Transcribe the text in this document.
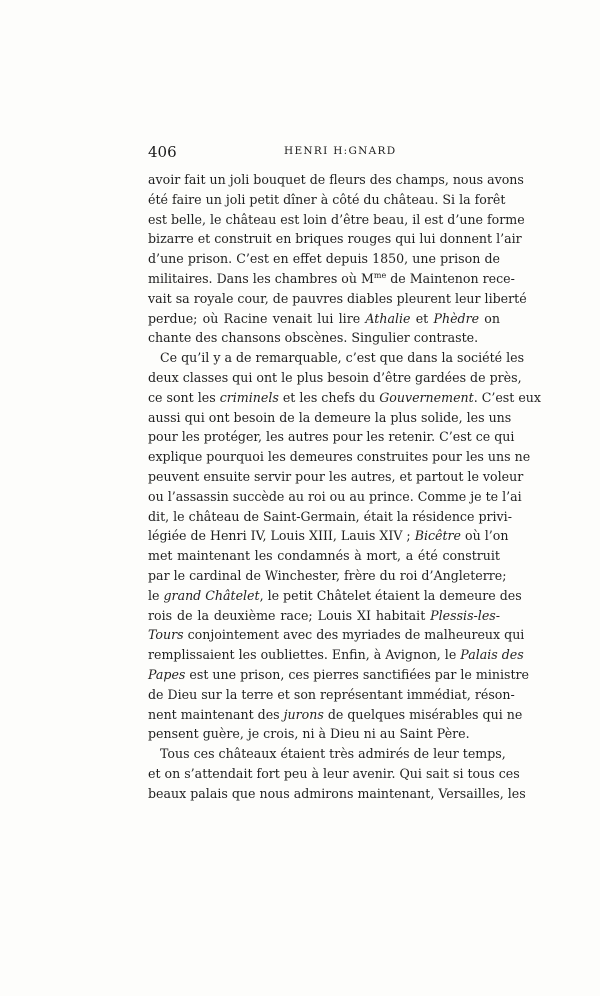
406	HENRI H:GNARD
avoir fait un joli bouquet de fleurs des champs, nous avons
été faire un joli petit dîner à côté du château. Si la forêt
est belle, le château est loin d’être beau, il est d’une forme
bizarre et construit en briques rouges qui lui donnent l’air
d’une prison. C’est en effet depuis 1850, une prison de
militaires. Dans les chambres où $M^{me}$ de Maintenon rece-
vait sa royale cour, de pauvres diables pleurent leur liberté
perdue; où Racine venait lui lire Athalie et Phèdre on
chante des chansons obscènes. Singulier contraste.
Ce qu’il y a de remarquable, c’est que dans la société les
deux classes qui ont le plus besoin d’être gardées de près,
ce sont les criminels et les chefs du Gouvernement. C’est eux
aussi qui ont besoin de la demeure la plus solide, les uns
pour les protéger, les autres pour les retenir. C’est ce qui
explique pourquoi les demeures construites pour les uns ne
peuvent ensuite servir pour les autres, et partout le voleur
ou l’assassin succède au roi ou au prince. Comme je te l’ai
dit, le château de Saint-Germain, était la résidence privi-
légiée de Henri IV, Louis XIII, Lauis XIV ; Bicêtre où l’on
met maintenant les condamnés à mort, a été construit
par le cardinal de Winchester, frère du roi d’Angleterre;
le grand Châtelet, le petit Châtelet étaient la demeure des
rois de la deuxième race; Louis XI habitait Plessis-les-
Tours conjointement avec des myriades de malheureux qui
remplissaient les oubliettes. Enfin, à Avignon, le Palais des
Papes est une prison, ces pierres sanctifiées par le ministre
de Dieu sur la terre et son représentant immédiat, réson-
nent maintenant des jurons de quelques misérables qui ne
pensent guère, je crois, ni à Dieu ni au Saint Père.
Tous ces châteaux étaient très admirés de leur temps,
et on s’attendait fort peu à leur avenir. Qui sait si tous ces
beaux palais que nous admirons maintenant, Versailles, les
